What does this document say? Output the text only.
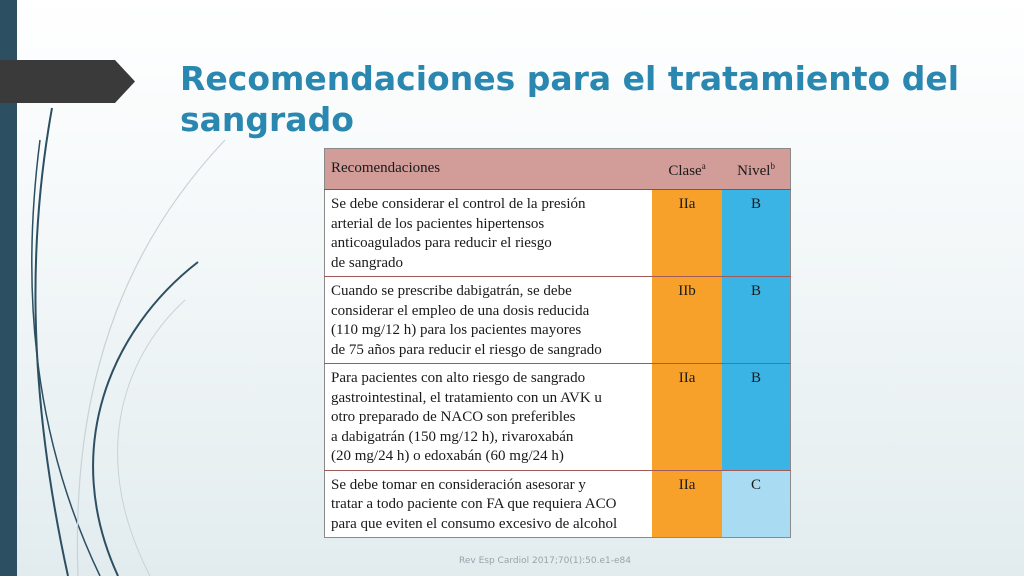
Recomendaciones para el tratamiento del sangrado
Recomendaciones	Clase$^a$	Nivel$^b$

Se debe considerar el control de la presión
arterial de los pacientes hipertensos
anticoagulados para reducir el riesgo
de sangrado	IIa	B

Cuando se prescribe dabigatrán, se debe
considerar el empleo de una dosis reducida
(110 mg/12 h) para los pacientes mayores
de 75 años para reducir el riesgo de sangrado	IIb	B

Para pacientes con alto riesgo de sangrado
gastrointestinal, el tratamiento con un AVK u
otro preparado de NACO son preferibles
a dabigatrán (150 mg/12 h), rivaroxabán
(20 mg/24 h) o edoxabán (60 mg/24 h)	IIa	B

Se debe tomar en consideración asesorar y
tratar a todo paciente con FA que requiera ACO
para que eviten el consumo excesivo de alcohol	IIa	C
Rev Esp Cardiol 2017;70(1):50.e1-e84
